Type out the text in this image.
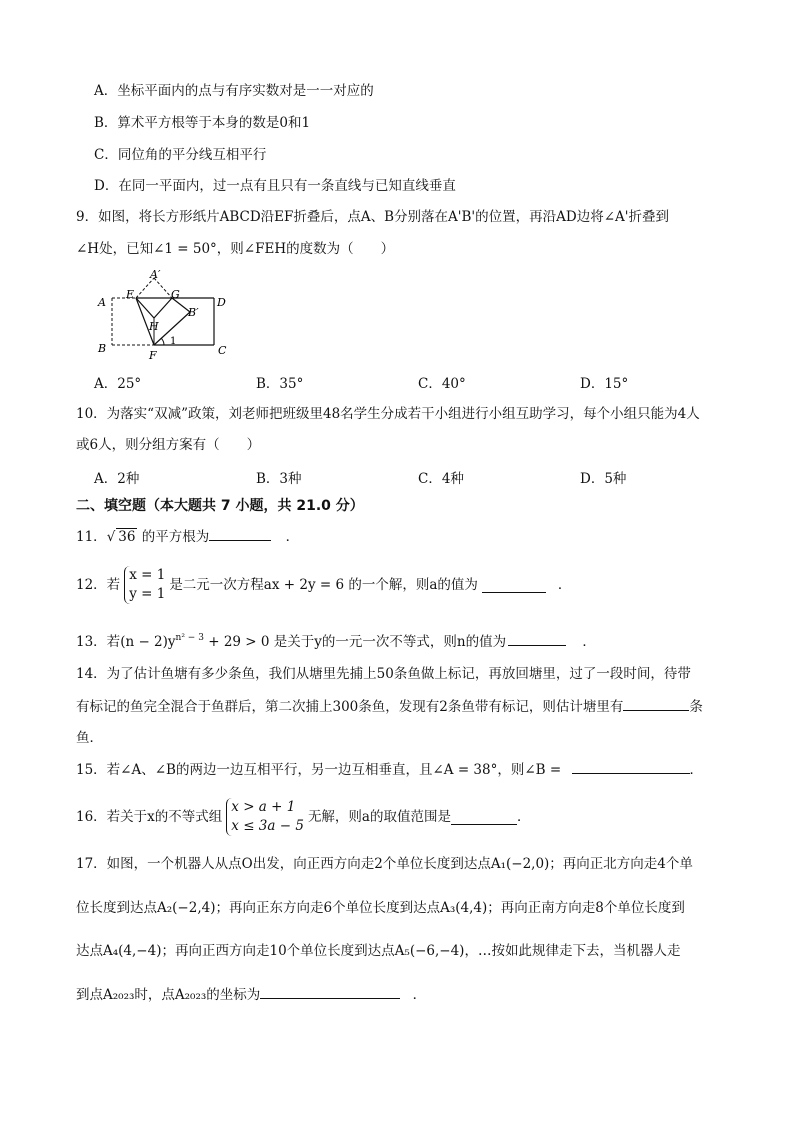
A．坐标平面内的点与有序实数对是一一对应的
B．算术平方根等于本身的数是0和1
C．同位角的平分线互相平行
D．在同一平面内，过一点有且只有一条直线与已知直线垂直
9．如图，将长方形纸片ABCD沿EF折叠后，点A、B分别落在A'B'的位置，再沿AD边将∠A'折叠到
∠H处，已知∠1 = 50°，则∠FEH的度数为（　　）
A′
A
E	G
D
B′
H
B
F	C
1
A．25°	B．35°	C．40°	D．15°
10．为落实“双减”政策，刘老师把班级里48名学生分成若干小组进行小组互助学习，每个小组只能为4人
或6人，则分组方案有（　　）
A．2种	B．3种	C．4种	D．5种
二、填空题（本大题共 7 小题，共 21.0 分）
11．√ 36 的平方根为	．
12．若
x = 1
y = 1
是二元一次方程ax + 2y = 6 的一个解，则a的值为	．
13．若$(n - 2)y^{n^2 - 3} + 29 > 0$ 是关于y的一元一次不等式，则n的值为	．
14．为了估计鱼塘有多少条鱼，我们从塘里先捕上50条鱼做上标记，再放回塘里，过了一段时间，待带
有标记的鱼完全混合于鱼群后，第二次捕上300条鱼，发现有2条鱼带有标记，则估计塘里有	条
鱼．
15．若∠A、∠B的两边一边互相平行，另一边互相垂直，且∠A = 38°，则∠B =	．
16．若关于x的不等式组
x > a + 1
x ≤ 3a − 5
无解，则a的取值范围是	．
17．如图，一个机器人从点O出发，向正西方向走2个单位长度到达点A₁(−2,0)；再向正北方向走4个单
位长度到达点A₂(−2,4)；再向正东方向走6个单位长度到达点A₃(4,4)；再向正南方向走8个单位长度到
达点A₄(4,−4)；再向正西方向走10个单位长度到达点A₅(−6,−4)，…按如此规律走下去，当机器人走
到点A₂₀₂₃时，点A₂₀₂₃的坐标为	．
